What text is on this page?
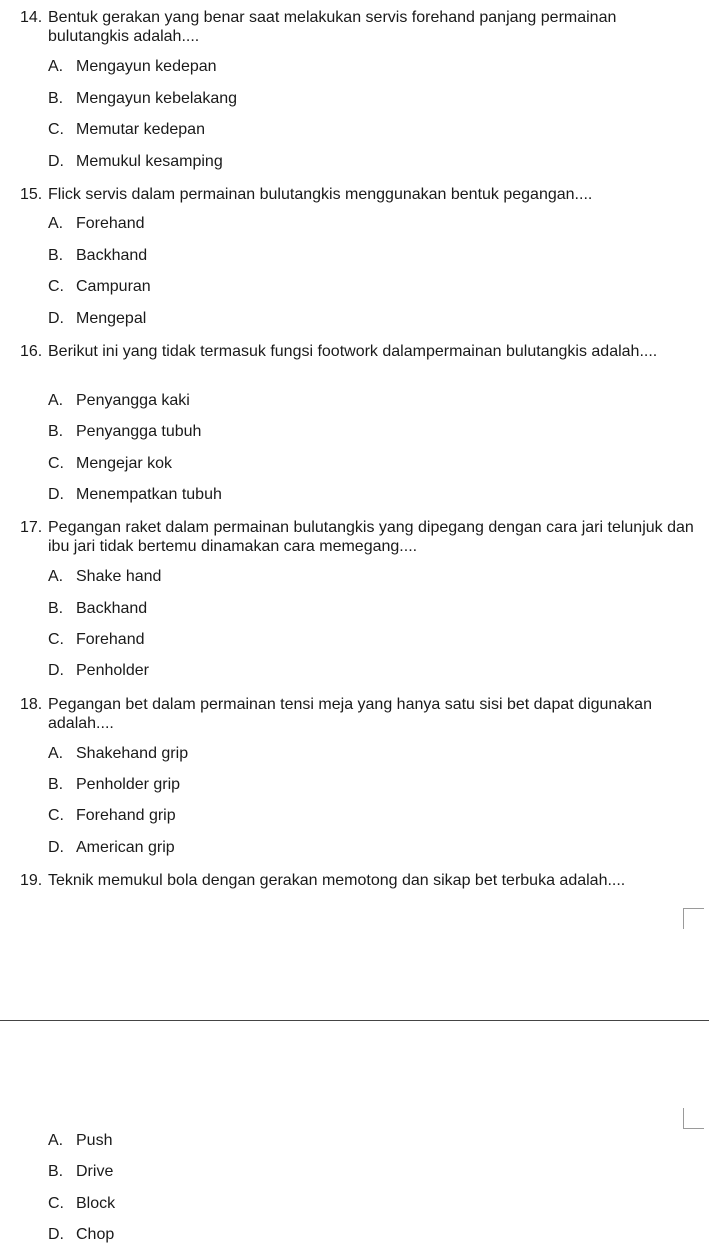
14. Bentuk gerakan yang benar saat melakukan servis forehand panjang permainan bulutangkis adalah....
A. Mengayun kedepan
B. Mengayun kebelakang
C. Memutar kedepan
D. Memukul kesamping
15. Flick servis dalam permainan bulutangkis menggunakan bentuk pegangan....
A. Forehand
B. Backhand
C. Campuran
D. Mengepal
16. Berikut ini yang tidak termasuk fungsi footwork dalampermainan bulutangkis adalah....
A. Penyangga kaki
B. Penyangga tubuh
C. Mengejar kok
D. Menempatkan tubuh
17. Pegangan raket dalam permainan bulutangkis yang dipegang dengan cara jari telunjuk dan ibu jari tidak bertemu dinamakan cara memegang....
A. Shake hand
B. Backhand
C. Forehand
D. Penholder
18. Pegangan bet dalam permainan tensi meja yang hanya satu sisi bet dapat digunakan adalah....
A. Shakehand grip
B. Penholder grip
C. Forehand grip
D. American grip
19. Teknik memukul bola dengan gerakan memotong dan sikap bet terbuka adalah....
A. Push
B. Drive
C. Block
D. Chop
